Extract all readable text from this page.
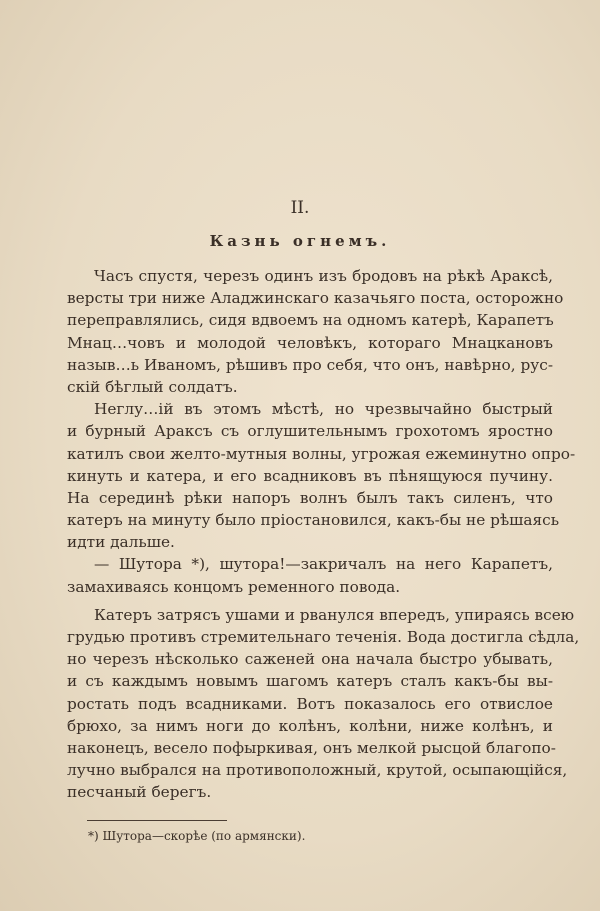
II.
Казнь огнемъ.
Часъ спустя, черезъ одинъ изъ бродовъ на рѣкѣ Араксѣ,
версты три ниже Аладжинскаго казачьяго поста, осторожно
переправлялись, сидя вдвоемъ на одномъ катерѣ, Карапетъ
Мнац…човъ и молодой человѣкъ, котораго Мнацкановъ
назыв…ь Иваномъ, рѣшивъ про себя, что онъ, навѣрно, рус-
скій бѣглый солдатъ.
Неглу…ій въ этомъ мѣстѣ, но чрезвычайно быстрый
и бурный Араксъ съ оглушительнымъ грохотомъ яростно
катилъ свои желто-мутныя волны, угрожая ежеминутно опро-
кинуть и катера, и его всадниковъ въ пѣнящуюся пучину.
На серединѣ рѣки напоръ волнъ былъ такъ силенъ, что
катеръ на минуту было пріостановился, какъ-бы не рѣшаясь
идти дальше.
— Шутора *), шутора!—закричалъ на него Карапетъ,
замахиваясь концомъ ременного повода.
Катеръ затрясъ ушами и рванулся впередъ, упираясь всею
грудью противъ стремительнаго теченія. Вода достигла сѣдла,
но черезъ нѣсколько саженей она начала быстро убывать,
и съ каждымъ новымъ шагомъ катеръ сталъ какъ-бы вы-
ростать подъ всадниками. Вотъ показалось его отвислое
брюхо, за нимъ ноги до колѣнъ, колѣни, ниже колѣнъ, и
наконецъ, весело пофыркивая, онъ мелкой рысцой благопо-
лучно выбрался на противоположный, крутой, осыпающійся,
песчаный берегъ.
*) Шутора—скорѣе (по армянски).
